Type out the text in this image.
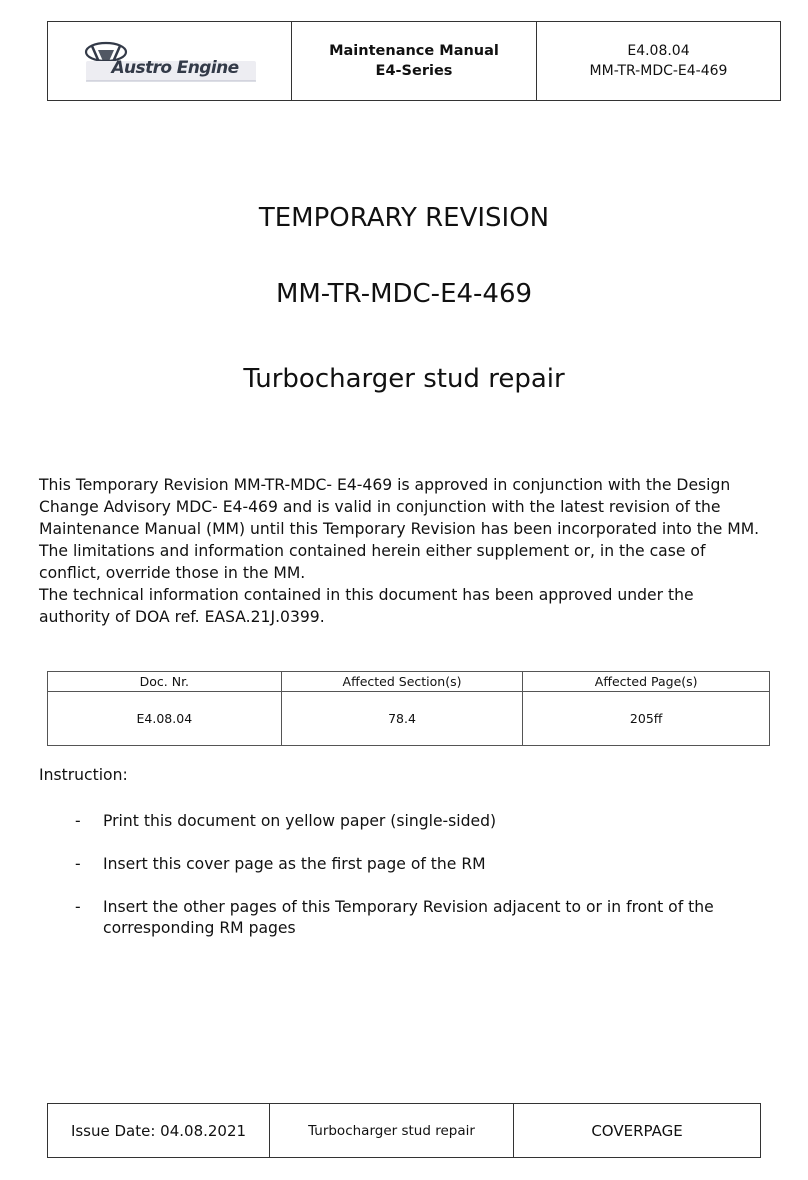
Austro Engine
Maintenance Manual
E4-Series
E4.08.04
MM-TR-MDC-E4-469
TEMPORARY REVISION
MM-TR-MDC-E4-469
Turbocharger stud repair

This Temporary Revision MM-TR-MDC- E4-469 is approved in conjunction with the Design Change Advisory MDC- E4-469 and is valid in conjunction with the latest revision of the Maintenance Manual (MM) until this Temporary Revision has been incorporated into the MM.

The limitations and information contained herein either supplement or, in the case of conflict, override those in the MM.

The technical information contained in this document has been approved under the authority of DOA ref. EASA.21J.0399.

Doc. Nr.	Affected Section(s)	Affected Page(s)
E4.08.04	78.4	205ff
Instruction:
-	Print this document on yellow paper (single-sided)
-	Insert this cover page as the first page of the RM
-	Insert the other pages of this Temporary Revision adjacent to or in front of the corresponding RM pages
Issue Date: 04.08.2021	Turbocharger stud repair	COVERPAGE
